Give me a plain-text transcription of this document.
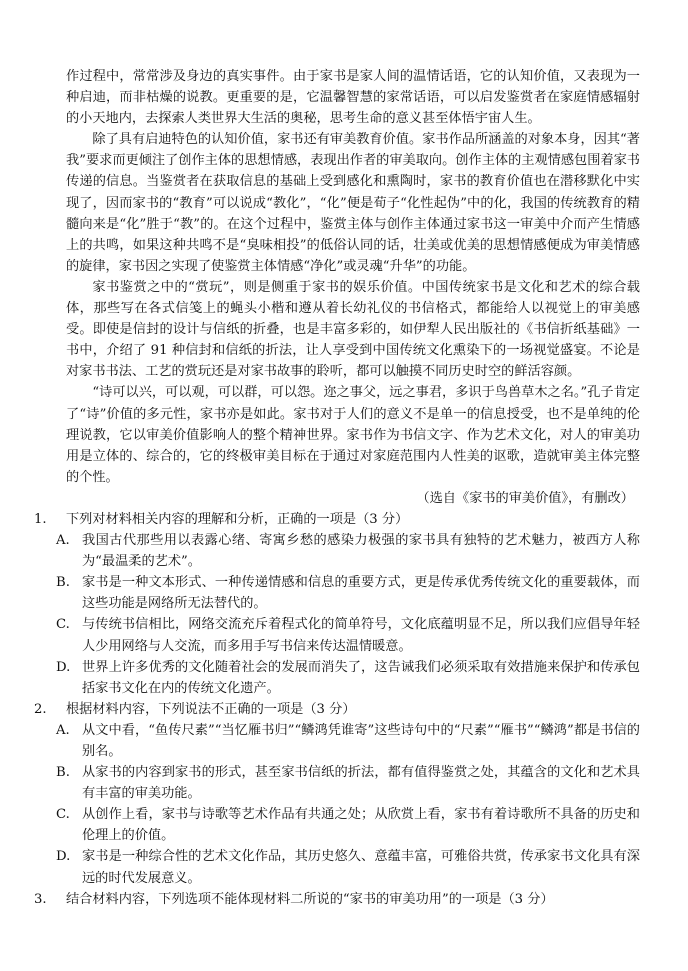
作过程中，常常涉及身边的真实事件。由于家书是家人间的温情话语，它的认知价值，又表现为一种启迪，而非枯燥的说教。更重要的是，它温馨智慧的家常话语，可以启发鉴赏者在家庭情感辐射的小天地内，去探索人类世界大生活的奥秘，思考生命的意义甚至体悟宇宙人生。

除了具有启迪特色的认知价值，家书还有审美教育价值。家书作品所涵盖的对象本身，因其“著我”要求而更倾注了创作主体的思想情感，表现出作者的审美取向。创作主体的主观情感包围着家书传递的信息。当鉴赏者在获取信息的基础上受到感化和熏陶时，家书的教育价值也在潜移默化中实现了，因而家书的“教育”可以说成“教化”，“化”便是荀子“化性起伪”中的化，我国的传统教育的精髓向来是“化”胜于“教”的。在这个过程中，鉴赏主体与创作主体通过家书这一审美中介而产生情感上的共鸣，如果这种共鸣不是“臭味相投”的低俗认同的话，壮美或优美的思想情感便成为审美情感的旋律，家书因之实现了使鉴赏主体情感“净化”或灵魂“升华”的功能。

家书鉴赏之中的“赏玩”，则是侧重于家书的娱乐价值。中国传统家书是文化和艺术的综合载体，那些写在各式信笺上的蝇头小楷和遵从着长幼礼仪的书信格式，都能给人以视觉上的审美感受。即使是信封的设计与信纸的折叠，也是丰富多彩的，如伊犁人民出版社的《书信折纸基础》一书中，介绍了 91 种信封和信纸的折法，让人享受到中国传统文化熏染下的一场视觉盛宴。不论是对家书书法、工艺的赏玩还是对家书故事的聆听，都可以触摸不同历史时空的鲜活容颜。

“诗可以兴，可以观，可以群，可以怨。迩之事父，远之事君，多识于鸟兽草木之名。”孔子肯定了“诗”价值的多元性，家书亦是如此。家书对于人们的意义不是单一的信息授受，也不是单纯的伦理说教，它以审美价值影响人的整个精神世界。家书作为书信文字、作为艺术文化，对人的审美功用是立体的、综合的，它的终极审美目标在于通过对家庭范围内人性美的讴歌，造就审美主体完整的个性。

（选自《家书的审美价值》，有删改）

1.	下列对材料相关内容的理解和分析，正确的一项是（3 分）
A. 我国古代那些用以表露心绪、寄寓乡愁的感染力极强的家书具有独特的艺术魅力，被西方人称为“最温柔的艺术”。
B. 家书是一种文本形式、一种传递情感和信息的重要方式，更是传承优秀传统文化的重要载体，而这些功能是网络所无法替代的。
C. 与传统书信相比，网络交流充斥着程式化的简单符号，文化底蕴明显不足，所以我们应倡导年轻人少用网络与人交流，而多用手写书信来传达温情暖意。
D. 世界上许多优秀的文化随着社会的发展而消失了，这告诫我们必须采取有效措施来保护和传承包括家书文化在内的传统文化遗产。
2.	根据材料内容，下列说法不正确的一项是（3 分）
A. 从文中看，“鱼传尺素”“当忆雁书归”“鳞鸿凭谁寄”这些诗句中的“尺素”“雁书”“鳞鸿”都是书信的别名。
B. 从家书的内容到家书的形式，甚至家书信纸的折法，都有值得鉴赏之处，其蕴含的文化和艺术具有丰富的审美功能。
C. 从创作上看，家书与诗歌等艺术作品有共通之处；从欣赏上看，家书有着诗歌所不具备的历史和伦理上的价值。
D. 家书是一种综合性的艺术文化作品，其历史悠久、意蕴丰富，可雅俗共赏，传承家书文化具有深远的时代发展意义。
3.	结合材料内容，下列选项不能体现材料二所说的“家书的审美功用”的一项是（3 分）
